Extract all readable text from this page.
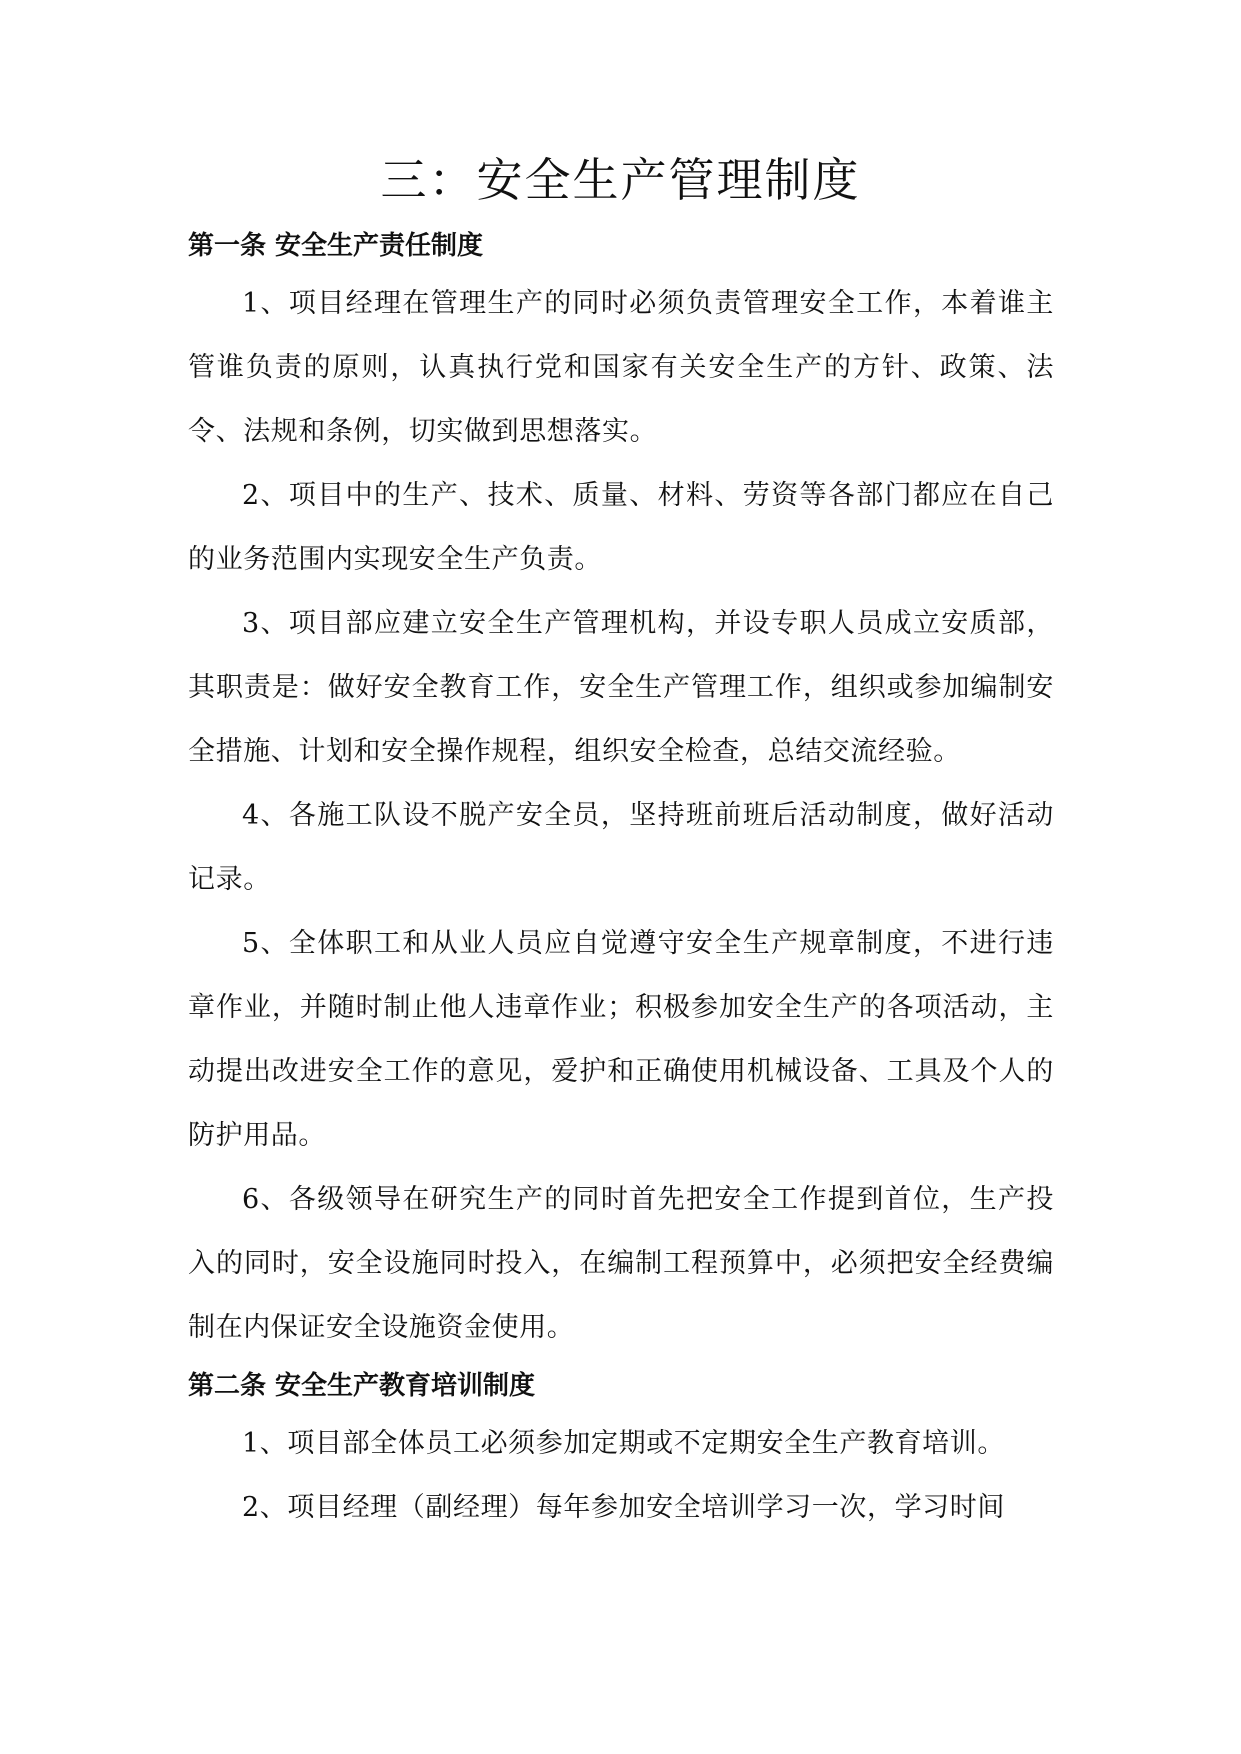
三：安全生产管理制度
第一条 安全生产责任制度

1、项目经理在管理生产的同时必须负责管理安全工作，本着谁主管谁负责的原则，认真执行党和国家有关安全生产的方针、政策、法令、法规和条例，切实做到思想落实。

2、项目中的生产、技术、质量、材料、劳资等各部门都应在自己的业务范围内实现安全生产负责。

3、项目部应建立安全生产管理机构，并设专职人员成立安质部，其职责是：做好安全教育工作，安全生产管理工作，组织或参加编制安全措施、计划和安全操作规程，组织安全检查，总结交流经验。

4、各施工队设不脱产安全员，坚持班前班后活动制度，做好活动记录。

5、全体职工和从业人员应自觉遵守安全生产规章制度，不进行违章作业，并随时制止他人违章作业；积极参加安全生产的各项活动，主动提出改进安全工作的意见，爱护和正确使用机械设备、工具及个人的防护用品。

6、各级领导在研究生产的同时首先把安全工作提到首位，生产投入的同时，安全设施同时投入，在编制工程预算中，必须把安全经费编制在内保证安全设施资金使用。

第二条 安全生产教育培训制度

1、项目部全体员工必须参加定期或不定期安全生产教育培训。

2、项目经理（副经理）每年参加安全培训学习一次，学习时间
